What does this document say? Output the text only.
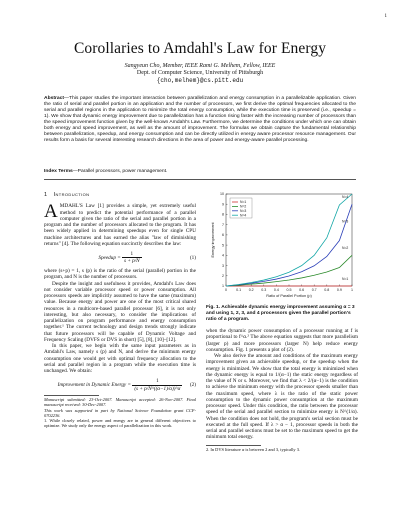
1
Corollaries to Amdahl's Law for Energy
Sangyeun Cho, Member, IEEE Rami G. Melhem, Fellow, IEEE
Dept. of Computer Science, University of Pittsburgh
{cho,melhem}@cs.pitt.edu
Abstract—This paper studies the important interaction between parallelization and energy consumption in a parallelizable application. Given the ratio of serial and parallel portion in an application and the number of processors, we first derive the optimal frequencies allocated to the serial and parallel regions in the application to minimize the total energy consumption, while the execution time is preserved (i.e., speedup = 1). We show that dynamic energy improvement due to parallelization has a function rising faster with the increasing number of processors than the speed improvement function given by the well-known Amdahl's Law. Furthermore, we determine the conditions under which one can obtain both energy and speed improvement, as well as the amount of improvement. The formulas we obtain capture the fundamental relationship between parallelization, speedup, and energy consumption and can be directly utilized in energy aware processor resource management. Our results form a basis for several interesting research directions in the area of power and energy-aware parallel processing.
Index Terms—Parallel processors, power management.
1 Introduction
AMDAHL'S Law [1] provides a simple, yet extremely useful method to predict the potential performance of a parallel computer given the ratio of the serial and parallel portion in a program and the number of processors allocated to the program. It has been widely applied in determining speedups even for single CPU machine architectures and has earned the alias "law of diminishing returns" [4]. The following equation succinctly describes the law:
Speedup = $\frac{1}{s + p/N}$	(1)
where (s+p) = 1, s (p) is the ratio of the serial (parallel) portion in the program, and N is the number of processors.
Despite the insight and usefulness it provides, Amdahl's Law does not consider variable processor speed or power consumption. All processors speeds are implicitly assumed to have the same (maximum) value. Because energy and power are one of the most critical shared resources in a multicore-based parallel processor [6], it is not only interesting, but also necessary, to consider the implications of parallelization on program performance and energy consumption together.¹ The current technology and design trends strongly indicate that future processors will be capable of Dynamic Voltage and Frequency Scaling (DVFS or DVS in short) [5], [8], [10]–[12].
In this paper, we begin with the same input parameters as in Amdahl's Law, namely s (p) and N, and derive the minimum energy consumption one would get with optimal frequency allocation to the serial and parallel region in a program while the execution time is unchanged. We obtain:
Improvement in Dynamic Energy = $\frac{1}{(s + p/N\^{}((\alpha-1)/\alpha))\^{}\alpha} (2)$
Manuscript submitted: 23-Oct-2007. Manuscript accepted: 26-Nov-2007. Final manuscript received: 30-Dec-2007.
This work was supported in part by National Science Foundation grant CCF-0702236.
1. While closely related, power and energy are in general different objectives to optimize. We study only the energy aspect of parallelization in this work.
0	0.1 0.2 0.3 0.4 0.5 0.6 0.7 0.8 0.9	1
1
2
3
4
5
6
7
8
9
10
Ratio of Parallel Portion (p)
Energy improvement
N=1
N=2
N=3
N=4
N=4
N=3
N=2
N=1
Fig. 1. Achievable dynamic energy improvement assuming α = 3 and using 1, 2, 3, and 4 processors given the parallel portion's ratio of a program.
when the dynamic power consumption of a processor running at f is proportional to f^α.² The above equation suggests that more parallelism (larger p) and more processors (larger N) help reduce energy consumption. Fig. 1 presents a plot of (2).
We also derive the amount and conditions of the maximum energy improvement given an achievable speedup, or the speedup when the energy is minimized. We show that the total energy is minimized when the dynamic energy is equal to 1/(α−1) the static energy regardless of the value of N or s. Moreover, we find that λ < 2/(α−1) is the condition to achieve the minimum energy with the processor speeds smaller than the maximum speed, where λ is the ratio of the static power consumption to the dynamic power consumption at the maximum processor speed. Under this condition, the ratio between the processor speed of the serial and parallel section to minimize energy is N^(1/α). When the condition does not hold, the program's serial section must be executed at the full speed. If λ > α − 1, processor speeds in both the serial and parallel sections must be set to the maximum speed to get the minimum total energy.
2. In DVS literature α is between 2 and 3, typically 3.
